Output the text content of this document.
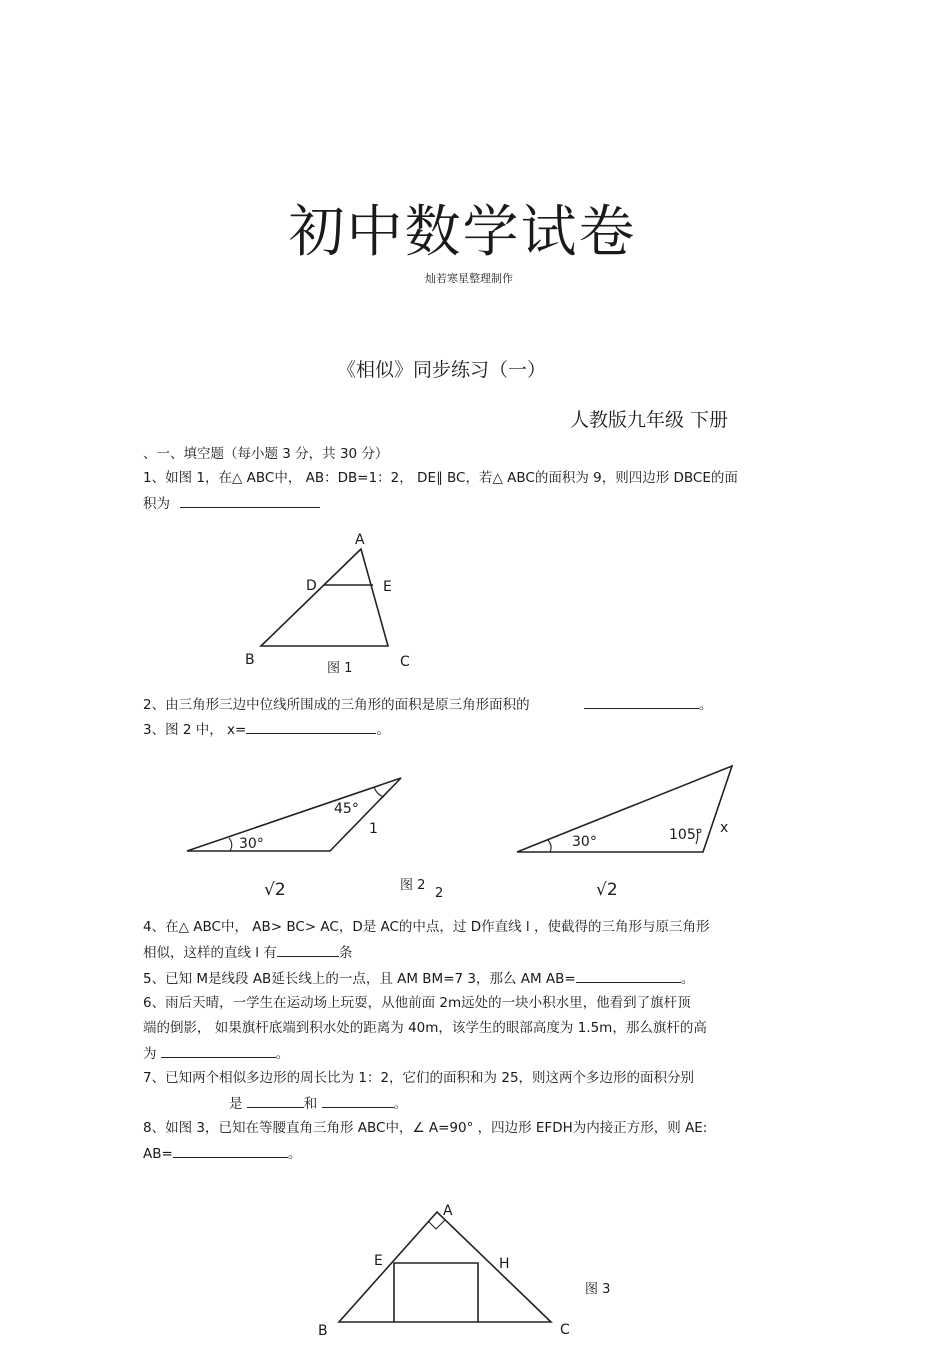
初中数学试卷
灿若寒星整理制作
《相似》同步练习（一）
人教版九年级 下册
、一、填空题（每小题 3 分，共 30 分）
1、如图 1，在△ ABC中， AB：DB=1：2， DE∥ BC，若△ ABC的面积为 9，则四边形 DBCE的面
积为
A
D	E
B	C
图 1
2、由三角形三边中位线所围成的三角形的面积是原三角形面积的	。
3、图 2 中， x=	。
45°
30°
1
30°	105° x
√2	图 2
2	√2
4、在△ ABC中， AB> BC> AC，D是 AC的中点，过 D作直线 l ，使截得的三角形与原三角形
相似，这样的直线 l 有	条
5、已知 M是线段 AB延长线上的一点，且 AM BM=7 3，那么 AM AB=	。
6、雨后天晴，一学生在运动场上玩耍，从他前面 2m远处的一块小积水里，他看到了旗杆顶
端的倒影， 如果旗杆底端到积水处的距离为 40m，该学生的眼部高度为 1.5m，那么旗杆的高
为	。
7、已知两个相似多边形的周长比为 1：2，它们的面积和为 25，则这两个多边形的面积分别
是	和	。
8、如图 3，已知在等腰直角三角形 ABC中，∠ A=90° ，四边形 EFDH为内接正方形，则 AE:
AB=	。
A
E	H
图 3
B	C
